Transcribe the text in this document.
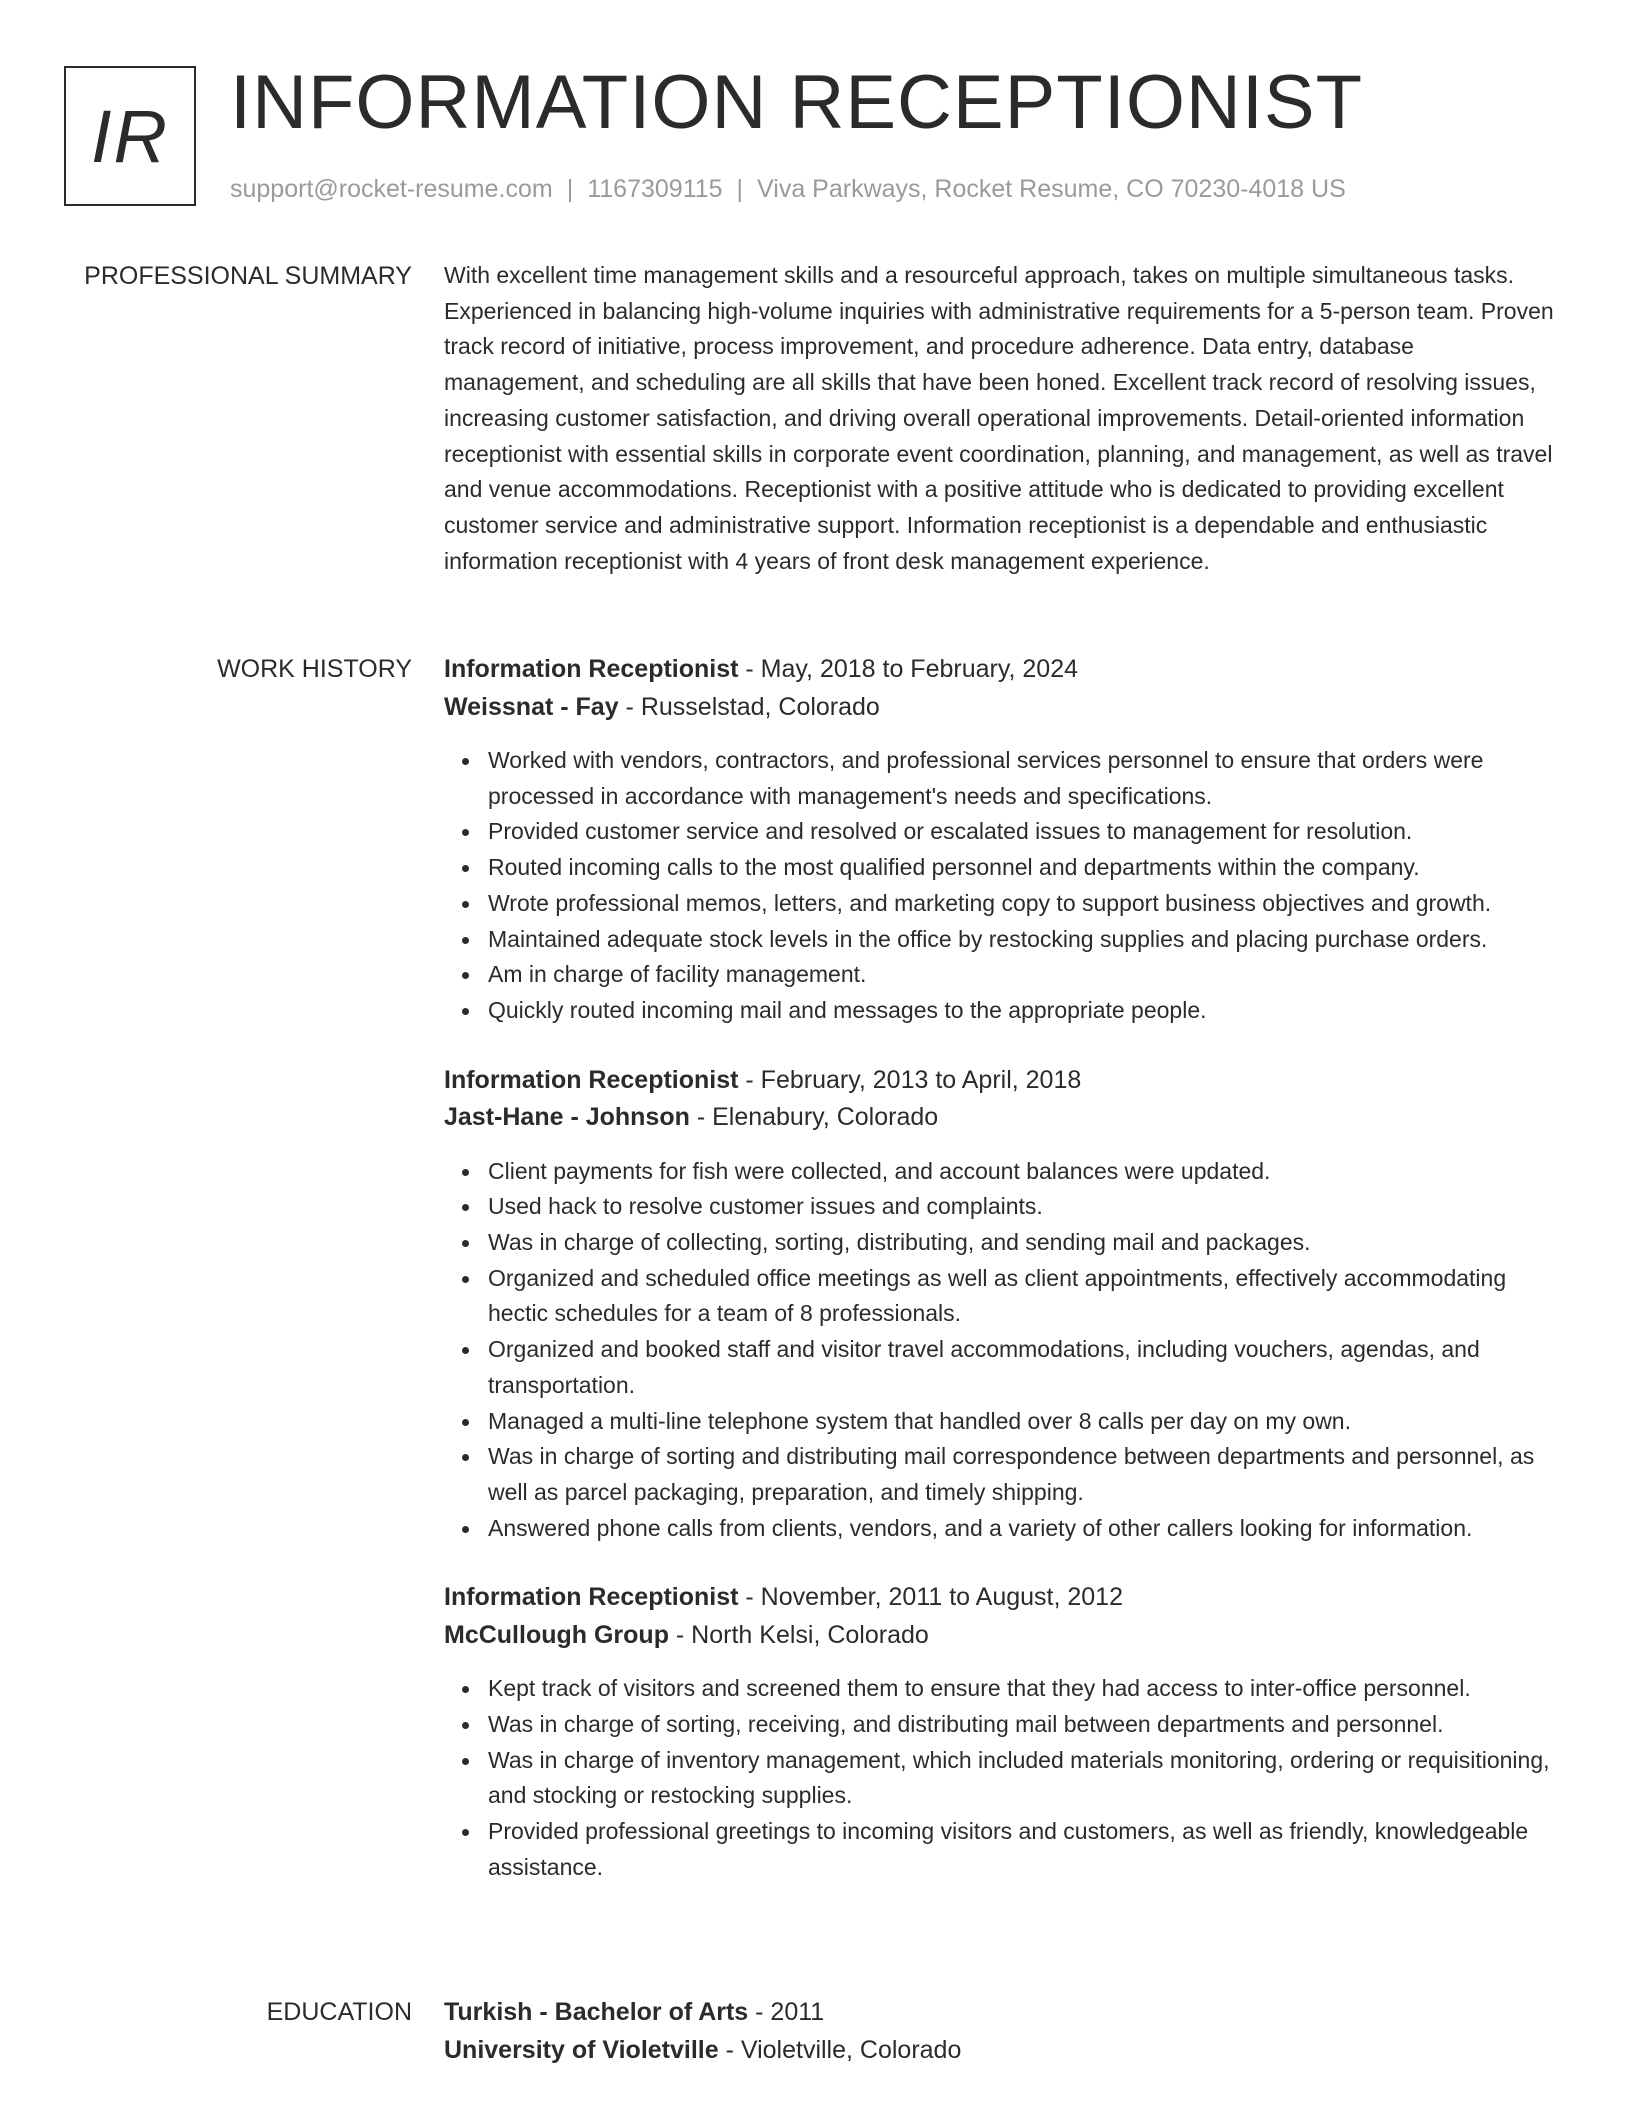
IR INFORMATION RECEPTIONIST
support@rocket-resume.com | 1167309115 | Viva Parkways, Rocket Resume, CO 70230-4018 US
PROFESSIONAL SUMMARY With excellent time management skills and a resourceful approach, takes on multiple simultaneous tasks. Experienced in balancing high-volume inquiries with administrative requirements for a 5-person team. Proven track record of initiative, process improvement, and procedure adherence. Data entry, database management, and scheduling are all skills that have been honed. Excellent track record of resolving issues, increasing customer satisfaction, and driving overall operational improvements. Detail-oriented information receptionist with essential skills in corporate event coordination, planning, and management, as well as travel and venue accommodations. Receptionist with a positive attitude who is dedicated to providing excellent customer service and administrative support. Information receptionist is a dependable and enthusiastic information receptionist with 4 years of front desk management experience.

WORK HISTORY Information Receptionist - May, 2018 to February, 2024
Weissnat - Fay - Russelstad, Colorado
Worked with vendors, contractors, and professional services personnel to ensure that orders were processed in accordance with management's needs and specifications.
Provided customer service and resolved or escalated issues to management for resolution.
Routed incoming calls to the most qualified personnel and departments within the company.
Wrote professional memos, letters, and marketing copy to support business objectives and growth.
Maintained adequate stock levels in the office by restocking supplies and placing purchase orders.
Am in charge of facility management.
Quickly routed incoming mail and messages to the appropriate people.
Information Receptionist - February, 2013 to April, 2018
Jast-Hane - Johnson - Elenabury, Colorado
Client payments for fish were collected, and account balances were updated.
Used hack to resolve customer issues and complaints.
Was in charge of collecting, sorting, distributing, and sending mail and packages.
Organized and scheduled office meetings as well as client appointments, effectively accommodating hectic schedules for a team of 8 professionals.
Organized and booked staff and visitor travel accommodations, including vouchers, agendas, and transportation.
Managed a multi-line telephone system that handled over 8 calls per day on my own.
Was in charge of sorting and distributing mail correspondence between departments and personnel, as well as parcel packaging, preparation, and timely shipping.
Answered phone calls from clients, vendors, and a variety of other callers looking for information.
Information Receptionist - November, 2011 to August, 2012
McCullough Group - North Kelsi, Colorado
Kept track of visitors and screened them to ensure that they had access to inter-office personnel.
Was in charge of sorting, receiving, and distributing mail between departments and personnel.
Was in charge of inventory management, which included materials monitoring, ordering or requisitioning, and stocking or restocking supplies.
Provided professional greetings to incoming visitors and customers, as well as friendly, knowledgeable assistance.
EDUCATION Turkish - Bachelor of Arts - 2011
University of Violetville - Violetville, Colorado
